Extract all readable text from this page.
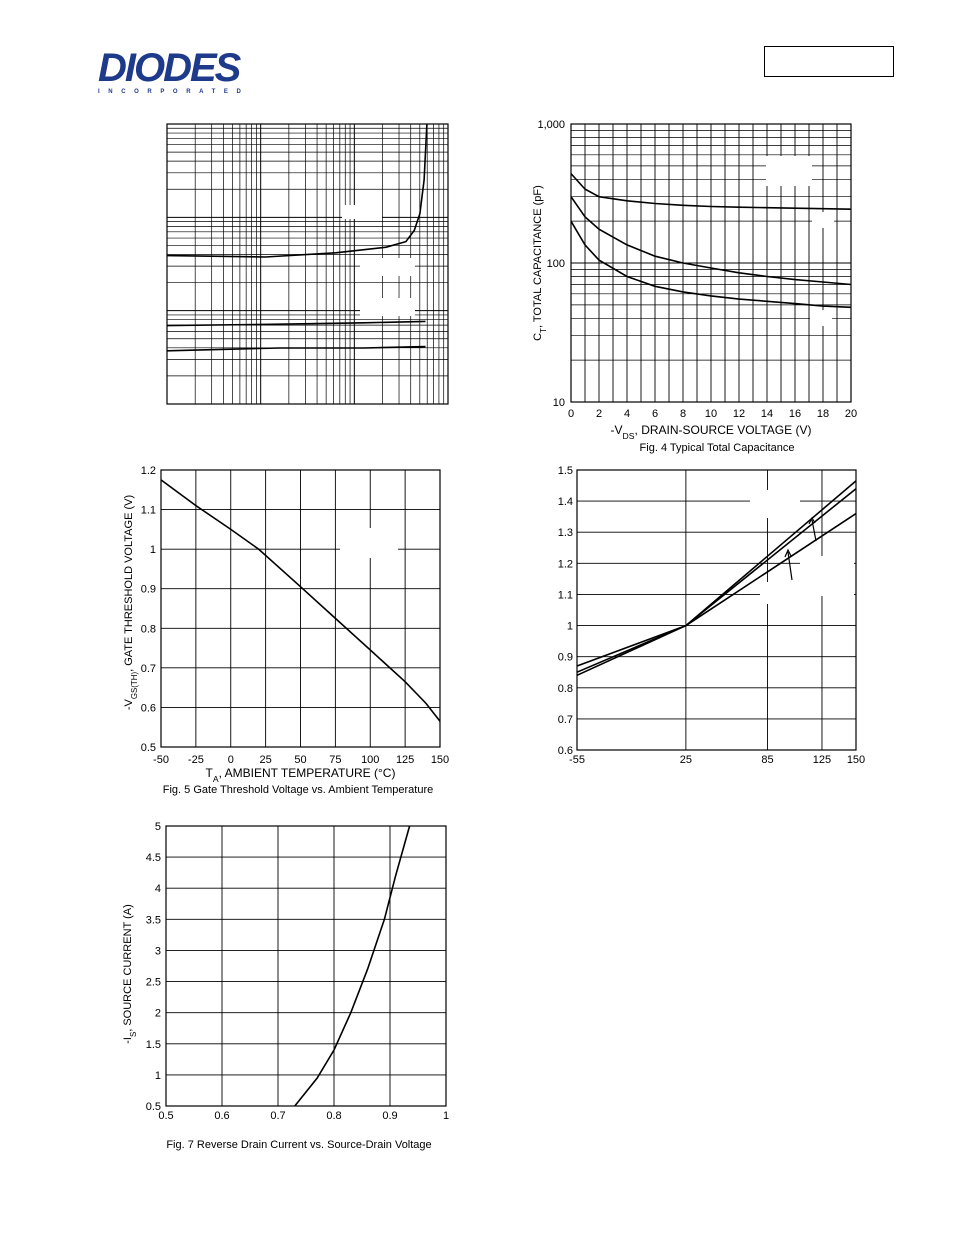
DIODES
INCORPORATED
0 2 4 6 8 10 12 14 16 18 20
10
100
1,000
$-V_{DS}$, DRAIN-SOURCE VOLTAGE (V)
$C_T$, TOTAL CAPACITANCE (pF)
Fig. 4 Typical Total Capacitance
-50 -25 0 25 50 75 100 125 150
0.5
0.6
0.7
0.8
0.9
1
1.1
1.2
$T_A$, AMBIENT TEMPERATURE (°C)
$-V_{GS(TH)}$, GATE THRESHOLD VOLTAGE (V)
Fig. 5 Gate Threshold Voltage vs. Ambient Temperature
-55	25	85	125 150
0.6
0.7
0.8
0.9
1
1.1
1.2
1.3
1.4
1.5
0.5	0.6	0.7	0.8	0.9	1
0.5
1
1.5
2
2.5
3
3.5
4
4.5
5
$-I_S$, SOURCE CURRENT (A)
Fig. 7 Reverse Drain Current vs. Source-Drain Voltage
